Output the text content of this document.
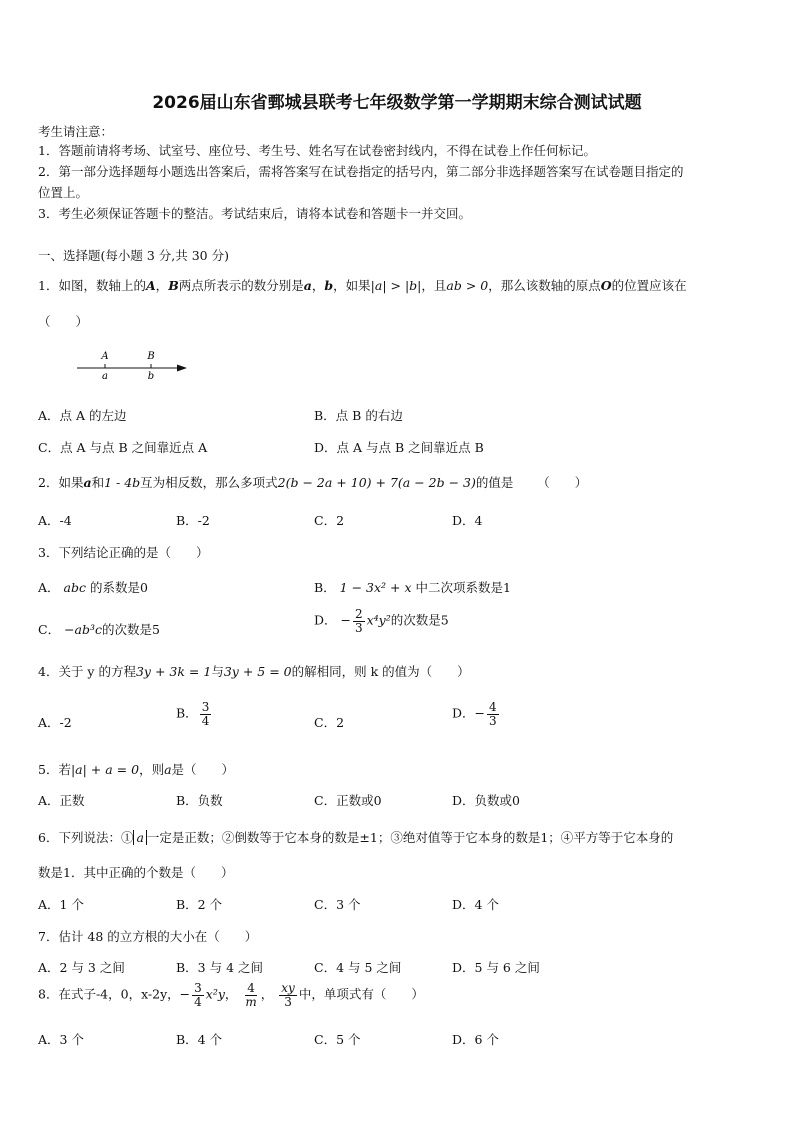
2026届山东省鄄城县联考七年级数学第一学期期末综合测试试题
考生请注意：
1．答题前请将考场、试室号、座位号、考生号、姓名写在试卷密封线内，不得在试卷上作任何标记。
2．第一部分选择题每小题选出答案后，需将答案写在试卷指定的括号内，第二部分非选择题答案写在试卷题目指定的
位置上。
3．考生必须保证答题卡的整洁。考试结束后，请将本试卷和答题卡一并交回。
一、选择题(每小题 3 分,共 30 分)
1．如图，数轴上的A，B两点所表示的数分别是a，b，如果|a| > |b|，且ab > 0，那么该数轴的原点O的位置应该在
（　　）
A	B
a	b
A．点 A 的左边	B．点 B 的右边
C．点 A 与点 B 之间靠近点 A	D．点 A 与点 B 之间靠近点 B
2．如果a和1 - 4b互为相反数，那么多项式2(b − 2a + 10) + 7(a − 2b − 3)的值是 （　　）
A．-4	B．-2	C．2	D．4
3．下列结论正确的是（　　）
A． abc 的系数是0	B． 1 − 3x² + x 中二次项系数是1
C． −ab³c的次数是5
D． − $\frac{2}{3} x^4y^2$的次数是5
4．关于 y 的方程3y + 3k = 1与3y + 5 = 0的解相同，则 k 的值为（　　）
A．-2
B． $\frac{3}{4}$	C．2
D．− $\frac{4}{3}$
5．若|a| + a = 0，则a是（　　）
A．正数	B．负数	C．正数或0	D．负数或0
6．下列说法：① a 一定是正数；②倒数等于它本身的数是±1；③绝对值等于它本身的数是1；④平方等于它本身的
数是1．其中正确的个数是（　　）
A．1 个	B．2 个	C．3 个	D．4 个
7．估计 48 的立方根的大小在（　　）
A．2 与 3 之间	B．3 与 4 之间	C．4 与 5 之间	D．5 与 6 之间
8．在式子-4，0，x-2y，− $\frac{3}{4} x^2y$， $\frac{4}{m}$ ， $\frac{xy}{3}$ 中，单项式有（　　）
A．3 个	B．4 个	C．5 个	D．6 个
